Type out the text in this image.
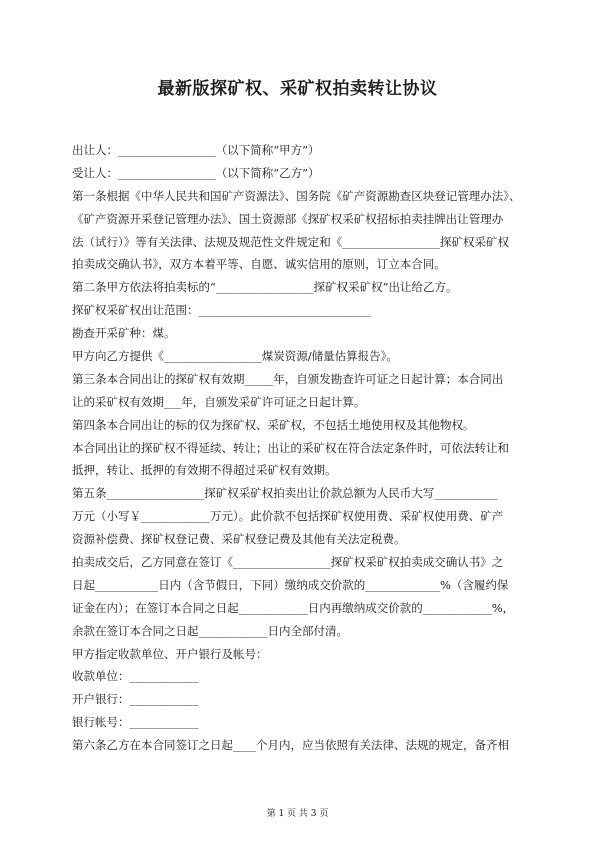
最新版探矿权、采矿权拍卖转让协议
出让人：_________________（以下简称“甲方”）
受让人：_________________（以下简称“乙方”）
第一条根据《中华人民共和国矿产资源法》、国务院《矿产资源勘查区块登记管理办法》、
《矿产资源开采登记管理办法》、国土资源部《探矿权采矿权招标拍卖挂牌出让管理办
法（试行）》等有关法律、法规及规范性文件规定和《_________________探矿权采矿权
拍卖成交确认书》，双方本着平等、自愿、诚实信用的原则，订立本合同。
第二条甲方依法将拍卖标的“_________________探矿权采矿权”出让给乙方。
探矿权采矿权出让范围：______________________________
勘查开采矿种：煤。
甲方向乙方提供《_________________煤炭资源/储量估算报告》。
第三条本合同出让的探矿权有效期_____年，自颁发勘查许可证之日起计算；本合同出
让的采矿权有效期___年，自颁发采矿许可证之日起计算。
第四条本合同出让的标的仅为探矿权、采矿权，不包括土地使用权及其他物权。
本合同出让的探矿权不得延续、转让；出让的采矿权在符合法定条件时，可依法转让和
抵押，转让、抵押的有效期不得超过采矿权有效期。
第五条_________________探矿权采矿权拍卖出让价款总额为人民币大写___________
万元（小写￥____________万元）。此价款不包括探矿权使用费、采矿权使用费、矿产
资源补偿费、探矿权登记费、采矿权登记费及其他有关法定税费。
拍卖成交后，乙方同意在签订《_________________探矿权采矿权拍卖成交确认书》之
日起___________日内（含节假日，下同）缴纳成交价款的_____________%（含履约保
证金在内）；在签订本合同之日起____________日内再缴纳成交价款的____________%，
余款在签订本合同之日起____________日内全部付清。
甲方指定收款单位、开户银行及帐号：
收款单位：____________
开户银行：____________
银行帐号：____________
第六条乙方在本合同签订之日起____个月内，应当依照有关法律、法规的规定，备齐相
第 1 页 共 3 页
